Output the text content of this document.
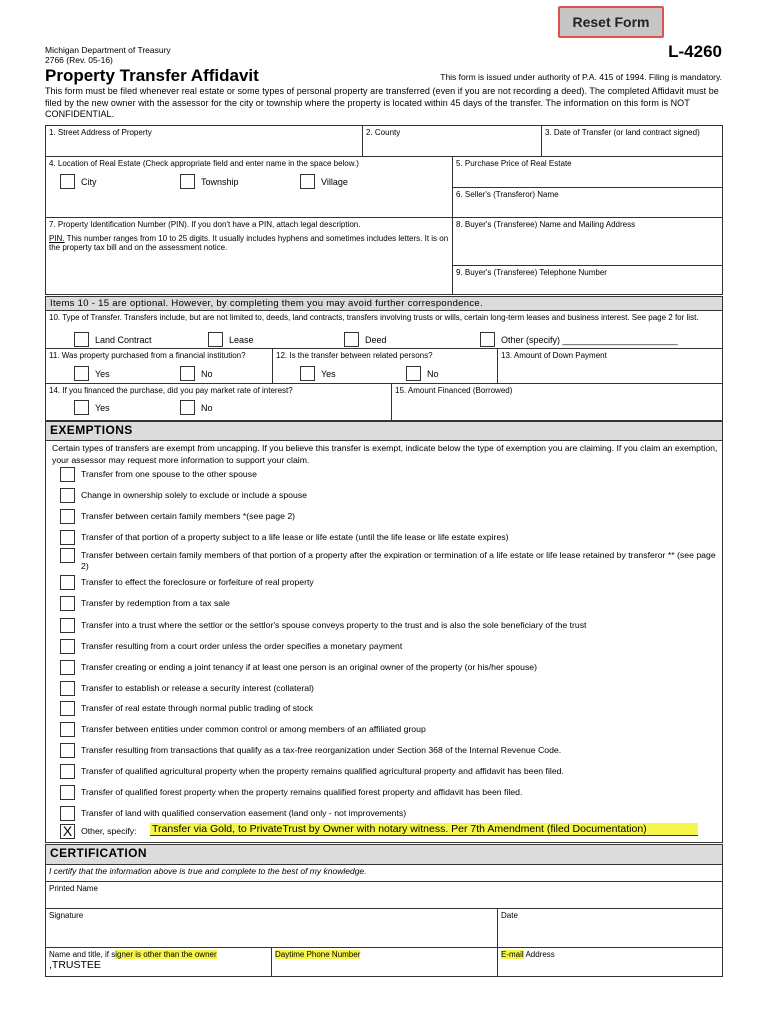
Reset Form
Michigan Department of Treasury
2766 (Rev. 05-16)	L-4260
Property Transfer Affidavit	This form is issued under authority of P.A. 415 of 1994. Filing is mandatory.
This form must be filed whenever real estate or some types of personal property are transferred (even if you are not recording a deed). The completed Affidavit must be filed by the new owner with the assessor for the city or township where the property is located within 45 days of the transfer. The information on this form is NOT CONFIDENTIAL.
1. Street Address of Property	2. County	3. Date of Transfer (or land contract signed)
4. Location of Real Estate (Check appropriate field and enter name in the space below.)
City	Township	Village
5. Purchase Price of Real Estate
6. Seller's (Transferor) Name
7. Property Identification Number (PIN). If you don't have a PIN, attach legal description.
PIN. This number ranges from 10 to 25 digits. It usually includes hyphens and sometimes includes letters. It is on the property tax bill and on the assessment notice.
8. Buyer's (Transferee) Name and Mailing Address
9. Buyer's (Transferee) Telephone Number
Items 10 - 15 are optional. However, by completing them you may avoid further correspondence.
10. Type of Transfer. Transfers include, but are not limited to, deeds, land contracts, transfers involving trusts or wills, certain long-term leases and business interest. See page 2 for list.
Land Contract	Lease	Deed	Other (specify) _______________________
11. Was property purchased from a financial institution?
Yes	No
12. Is the transfer between related persons?
Yes	No
13. Amount of Down Payment
14. If you financed the purchase, did you pay market rate of interest?
Yes	No
15. Amount Financed (Borrowed)
EXEMPTIONS
Certain types of transfers are exempt from uncapping. If you believe this transfer is exempt, indicate below the type of exemption you are claiming. If you claim an exemption, your assessor may request more information to support your claim.
Transfer from one spouse to the other spouse
Change in ownership solely to exclude or include a spouse
Transfer between certain family members *(see page 2)
Transfer of that portion of a property subject to a life lease or life estate (until the life lease or life estate expires)
Transfer between certain family members of that portion of a property after the expiration or termination of a life estate or life lease retained by transferor ** (see page 2)
Transfer to effect the foreclosure or forfeiture of real property
Transfer by redemption from a tax sale
Transfer into a trust where the settlor or the settlor's spouse conveys property to the trust and is also the sole beneficiary of the trust
Transfer resulting from a court order unless the order specifies a monetary payment
Transfer creating or ending a joint tenancy if at least one person is an original owner of the property (or his/her spouse)
Transfer to establish or release a security interest (collateral)
Transfer of real estate through normal public trading of stock
Transfer between entities under common control or among members of an affiliated group
Transfer resulting from transactions that qualify as a tax-free reorganization under Section 368 of the Internal Revenue Code.
Transfer of qualified agricultural property when the property remains qualified agricultural property and affidavit has been filed.
Transfer of qualified forest property when the property remains qualified forest property and affidavit has been filed.
Transfer of land with qualified conservation easement (land only - not improvements)
X	Other, specify: Transfer via Gold, to PrivateTrust by Owner with notary witness. Per 7th Amendment (filed Documentation)
CERTIFICATION
I certify that the information above is true and complete to the best of my knowledge.
Printed Name
Signature	Date
Name and title, if signer is other than the owner
,TRUSTEE
Daytime Phone Number	E-mail Address
